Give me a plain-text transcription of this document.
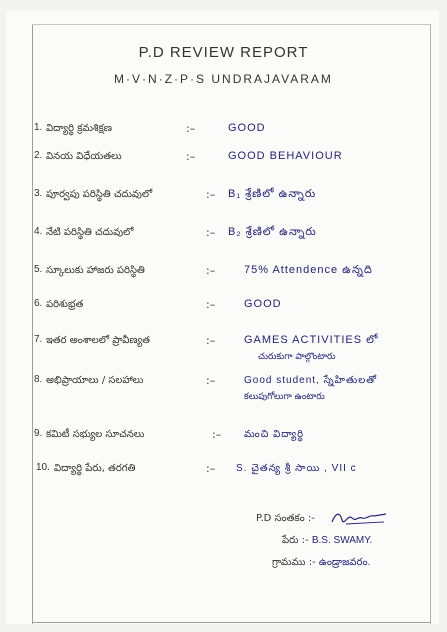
P.D REVIEW REPORT
M·V·N·Z·P·S UNDRAJAVARAM
1. విద్యార్థి క్రమశిక్షణ	:–	GOOD
2. వినయ విధేయతలు	:–	GOOD BEHAVIOUR
3. పూర్వపు పరిస్థితి చదువులో	:– B₁ శ్రేణిలో ఉన్నారు
4. నేటి పరిస్థితి చదువులో	:– B₂ శ్రేణిలో ఉన్నారు
5. స్కూలుకు హాజరు పరిస్థితి	:–	75% Attendence ఉన్నది
6. పరిశుభ్రత	:–	GOOD
7. ఇతర అంశాలలో ప్రావీణ్యత	:–	GAMES ACTIVITIES లో
చురుకుగా పాల్గొంటారు
8. అభిప్రాయాలు / సలహాలు	:–	Good student, స్నేహితులతో
కలుపుగోలుగా ఉంటారు
9. కమిటీ సభ్యుల సూచనలు	:– మంచి విద్యార్థి
10. విద్యార్థి పేరు, తరగతి	:– S. చైతన్య శ్రీ సాయి , VII c
P.D సంతకం :-
పేరు :- B.S. SWAMY.
గ్రామము :- ఉండ్రాజవరం.
